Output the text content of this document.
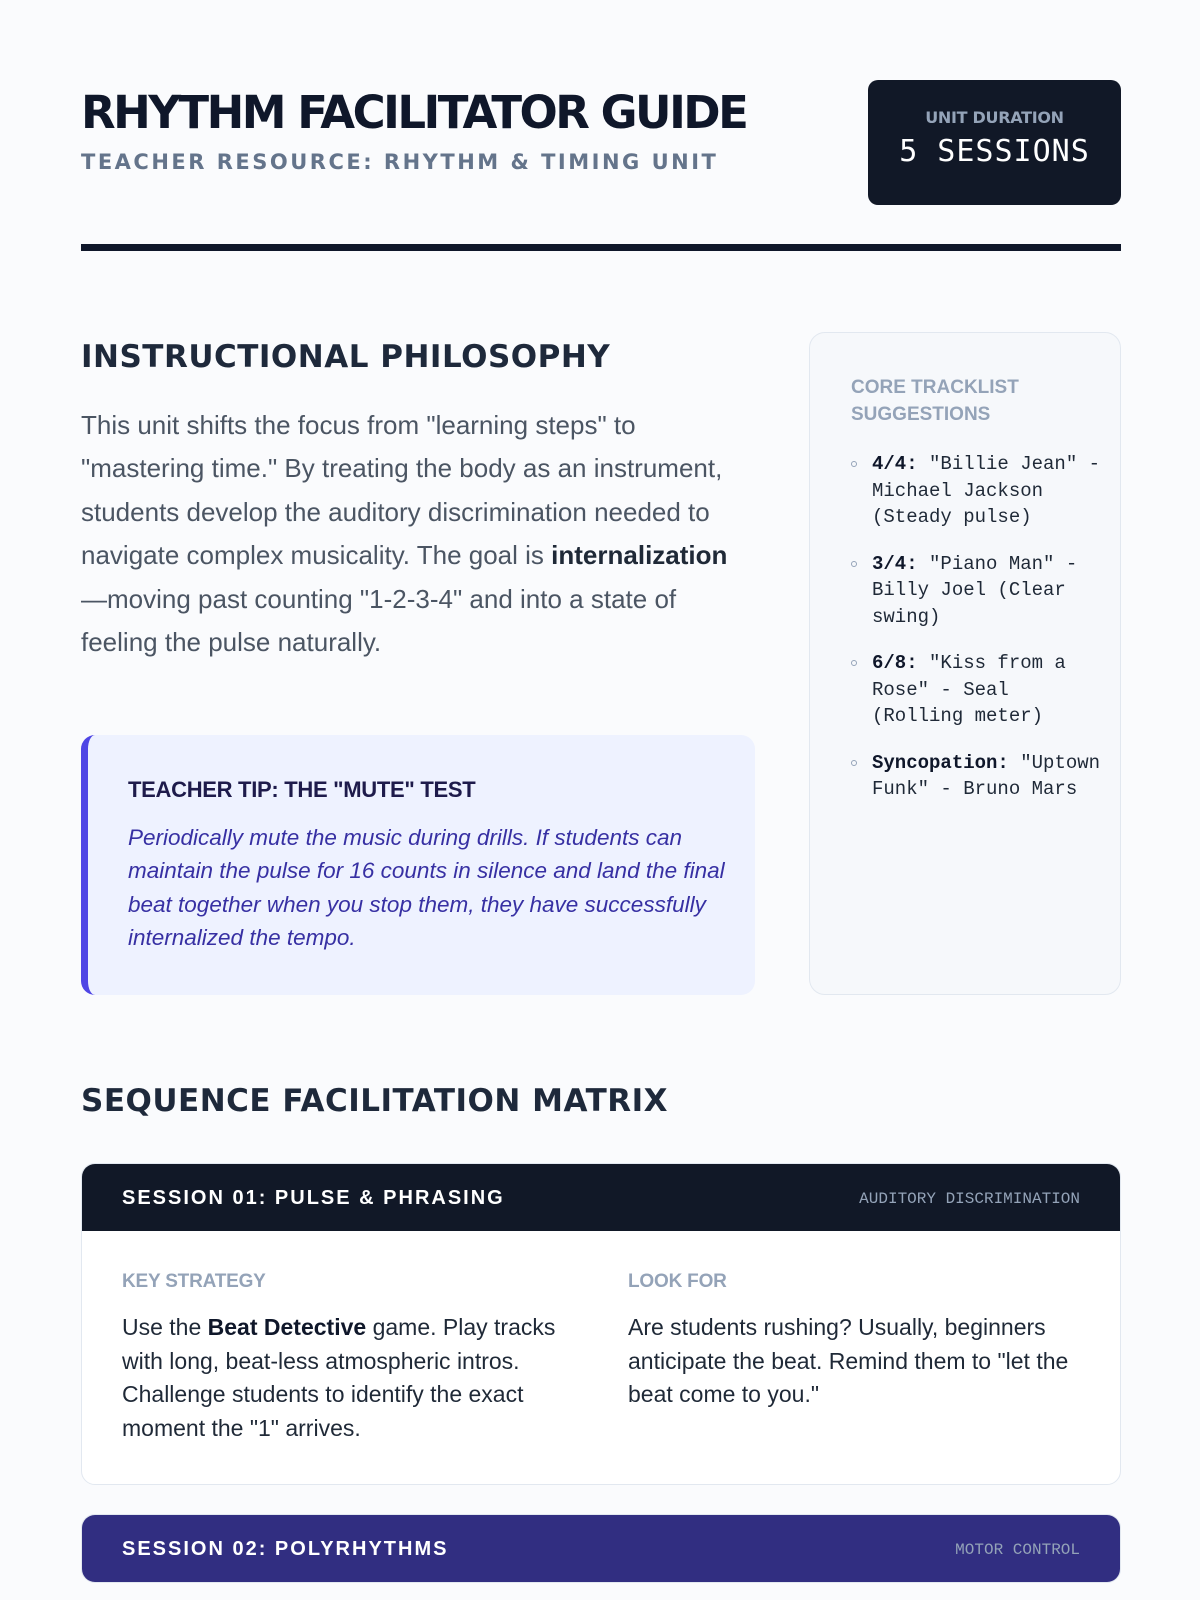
RHYTHM FACILITATOR GUIDE
TEACHER RESOURCE: RHYTHM & TIMING UNIT
UNIT DURATION
5 SESSIONS
INSTRUCTIONAL PHILOSOPHY

This unit shifts the focus from "learning steps" to "mastering time." By treating the body as an instrument, students develop the auditory discrimination needed to navigate complex musicality. The goal is internalization—moving past counting "1-2-3-4" and into a state of feeling the pulse naturally.

TEACHER TIP: THE "MUTE" TEST

Periodically mute the music during drills. If students can maintain the pulse for 16 counts in silence and land the final beat together when you stop them, they have successfully internalized the tempo.

CORE TRACKLIST SUGGESTIONS
4/4: "Billie Jean" - Michael Jackson (Steady pulse)
3/4: "Piano Man" - Billy Joel (Clear swing)
6/8: "Kiss from a Rose" - Seal (Rolling meter)
Syncopation: "Uptown Funk" - Bruno Mars
SEQUENCE FACILITATION MATRIX
SESSION 01: PULSE & PHRASING	AUDITORY DISCRIMINATION
KEY STRATEGY

Use the Beat Detective game. Play tracks with long, beat-less atmospheric intros. Challenge students to identify the exact moment the "1" arrives.

LOOK FOR

Are students rushing? Usually, beginners anticipate the beat. Remind them to "let the beat come to you."

SESSION 02: POLYRHYTHMS	MOTOR CONTROL
